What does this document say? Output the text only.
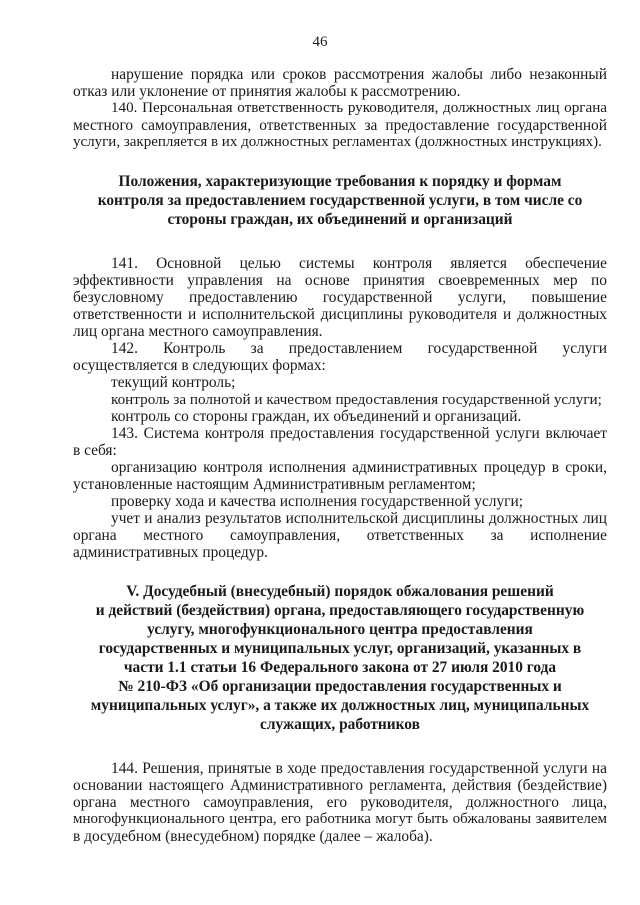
46
нарушение порядка или сроков рассмотрения жалобы либо незаконный
отказ или уклонение от принятия жалобы к рассмотрению.
140. Персональная ответственность руководителя, должностных лиц органа
местного самоуправления, ответственных за предоставление государственной
услуги, закрепляется в их должностных регламентах (должностных инструкциях).
Положения, характеризующие требования к порядку и формам
контроля за предоставлением государственной услуги, в том числе со
стороны граждан, их объединений и организаций
141. Основной целью системы контроля является обеспечение
эффективности управления на основе принятия своевременных мер по
безусловному предоставлению государственной услуги, повышение
ответственности и исполнительской дисциплины руководителя и должностных
лиц органа местного самоуправления.
142. Контроль за предоставлением государственной услуги
осуществляется в следующих формах:
текущий контроль;
контроль за полнотой и качеством предоставления государственной услуги;
контроль со стороны граждан, их объединений и организаций.
143. Система контроля предоставления государственной услуги включает
в себя:
организацию контроля исполнения административных процедур в сроки,
установленные настоящим Административным регламентом;
проверку хода и качества исполнения государственной услуги;
учет и анализ результатов исполнительской дисциплины должностных лиц
органа местного самоуправления, ответственных за исполнение
административных процедур.
V. Досудебный (внесудебный) порядок обжалования решений
и действий (бездействия) органа, предоставляющего государственную
услугу, многофункционального центра предоставления
государственных и муниципальных услуг, организаций, указанных в
части 1.1 статьи 16 Федерального закона от 27 июля 2010 года
№ 210-ФЗ «Об организации предоставления государственных и
муниципальных услуг», а также их должностных лиц, муниципальных
служащих, работников
144. Решения, принятые в ходе предоставления государственной услуги на
основании настоящего Административного регламента, действия (бездействие)
органа местного самоуправления, его руководителя, должностного лица,
многофункционального центра, его работника могут быть обжалованы заявителем
в досудебном (внесудебном) порядке (далее – жалоба).
